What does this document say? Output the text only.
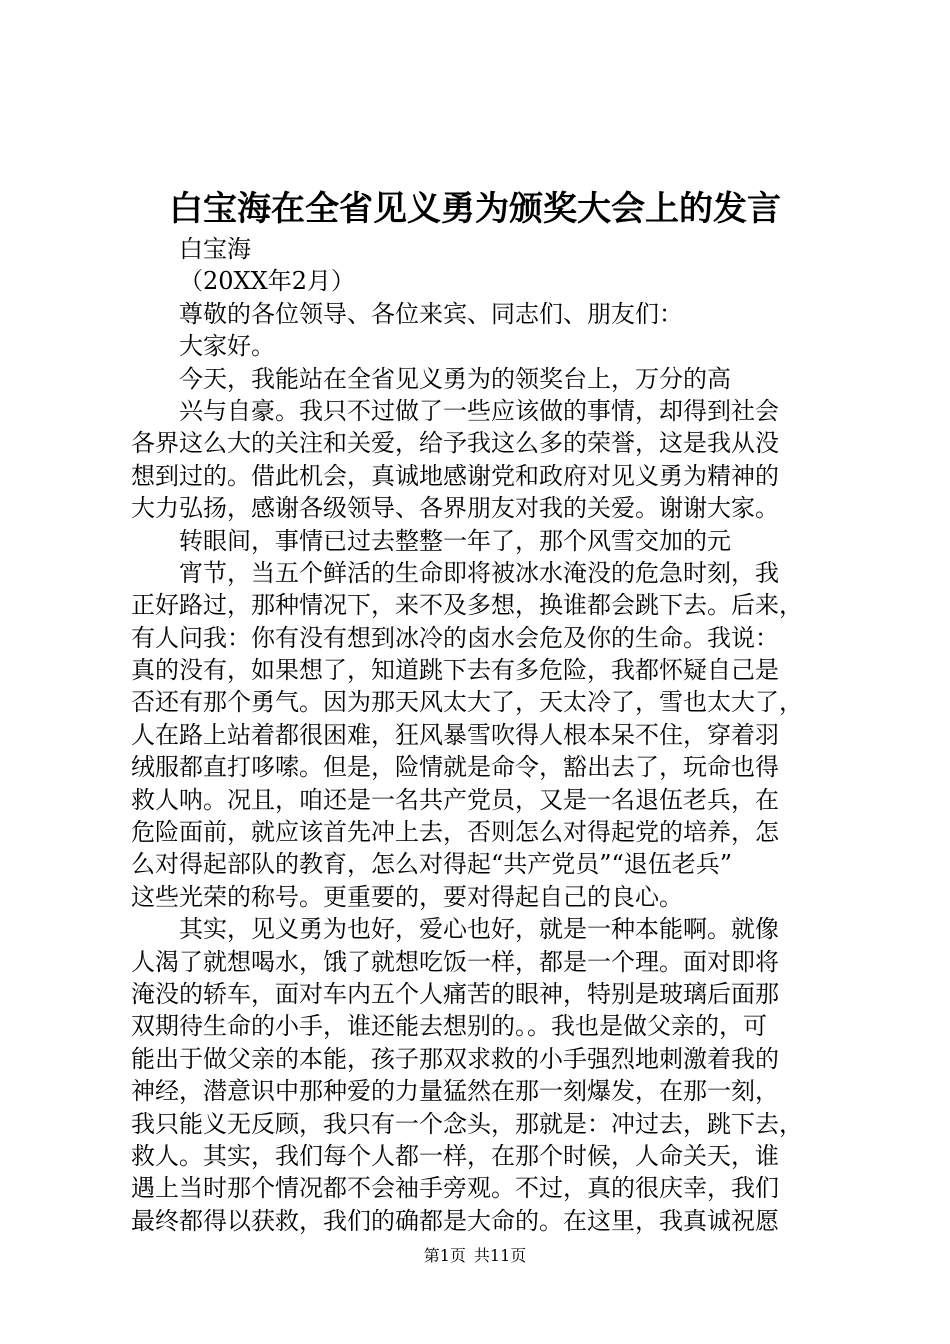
白宝海在全省见义勇为颁奖大会上的发言
白宝海
（20XX年2月）
尊敬的各位领导、各位来宾、同志们、朋友们：
大家好。
今天，我能站在全省见义勇为的领奖台上，万分的高
兴与自豪。我只不过做了一些应该做的事情，却得到社会
各界这么大的关注和关爱，给予我这么多的荣誉，这是我从没
想到过的。借此机会，真诚地感谢党和政府对见义勇为精神的
大力弘扬，感谢各级领导、各界朋友对我的关爱。谢谢大家。
转眼间，事情已过去整整一年了，那个风雪交加的元
宵节，当五个鲜活的生命即将被冰水淹没的危急时刻，我
正好路过，那种情况下，来不及多想，换谁都会跳下去。后来，
有人问我：你有没有想到冰冷的卤水会危及你的生命。我说：
真的没有，如果想了，知道跳下去有多危险，我都怀疑自己是
否还有那个勇气。因为那天风太大了，天太冷了，雪也太大了，
人在路上站着都很困难，狂风暴雪吹得人根本呆不住，穿着羽
绒服都直打哆嗦。但是，险情就是命令，豁出去了，玩命也得
救人呐。况且，咱还是一名共产党员，又是一名退伍老兵，在
危险面前，就应该首先冲上去，否则怎么对得起党的培养，怎
么对得起部队的教育，怎么对得起“共产党员”“退伍老兵”
这些光荣的称号。更重要的，要对得起自己的良心。
其实，见义勇为也好，爱心也好，就是一种本能啊。就像
人渴了就想喝水，饿了就想吃饭一样，都是一个理。面对即将
淹没的轿车，面对车内五个人痛苦的眼神，特别是玻璃后面那
双期待生命的小手，谁还能去想别的。。我也是做父亲的，可
能出于做父亲的本能，孩子那双求救的小手强烈地刺激着我的
神经，潜意识中那种爱的力量猛然在那一刻爆发，在那一刻，
我只能义无反顾，我只有一个念头，那就是：冲过去，跳下去，
救人。其实，我们每个人都一样，在那个时候，人命关天，谁
遇上当时那个情况都不会袖手旁观。不过，真的很庆幸，我们
最终都得以获救，我们的确都是大命的。在这里，我真诚祝愿
第1页 共11页
